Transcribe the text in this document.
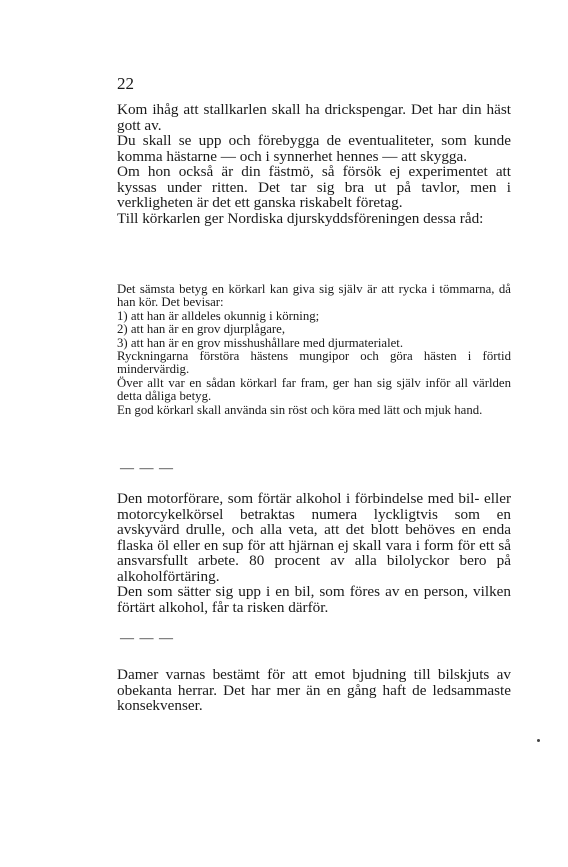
22

Kom ihåg att stallkarlen skall ha drickspengar. Det har din häst gott av.

Du skall se upp och förebygga de eventualiteter, som kunde komma hästarne — och i synnerhet hennes — att skygga.

Om hon också är din fästmö, så försök ej experimentet att kyssas under ritten. Det tar sig bra ut på tavlor, men i verkligheten är det ett ganska riskabelt företag.

Till körkarlen ger Nordiska djurskyddsföreningen dessa råd:

Det sämsta betyg en körkarl kan giva sig själv är att rycka i tömmarna, då han kör. Det bevisar:

1) att han är alldeles okunnig i körning;

2) att han är en grov djurplågare,

3) att han är en grov misshushållare med djurmaterialet.

Ryckningarna förstöra hästens mungipor och göra hästen i förtid mindervärdig.

Över allt var en sådan körkarl far fram, ger han sig själv inför all världen detta dåliga betyg.

En god körkarl skall använda sin röst och köra med lätt och mjuk hand.

— — —

Den motorförare, som förtär alkohol i förbindelse med bil- eller motorcykelkörsel betraktas numera lyckligtvis som en avskyvärd drulle, och alla veta, att det blott behöves en enda flaska öl eller en sup för att hjärnan ej skall vara i form för ett så ansvarsfullt arbete. 80 procent av alla bilolyckor bero på alkoholförtäring.

Den som sätter sig upp i en bil, som föres av en person, vilken förtärt alkohol, får ta risken därför.

— — —

Damer varnas bestämt för att emot bjudning till bilskjuts av obekanta herrar. Det har mer än en gång haft de ledsammaste konsekvenser.
